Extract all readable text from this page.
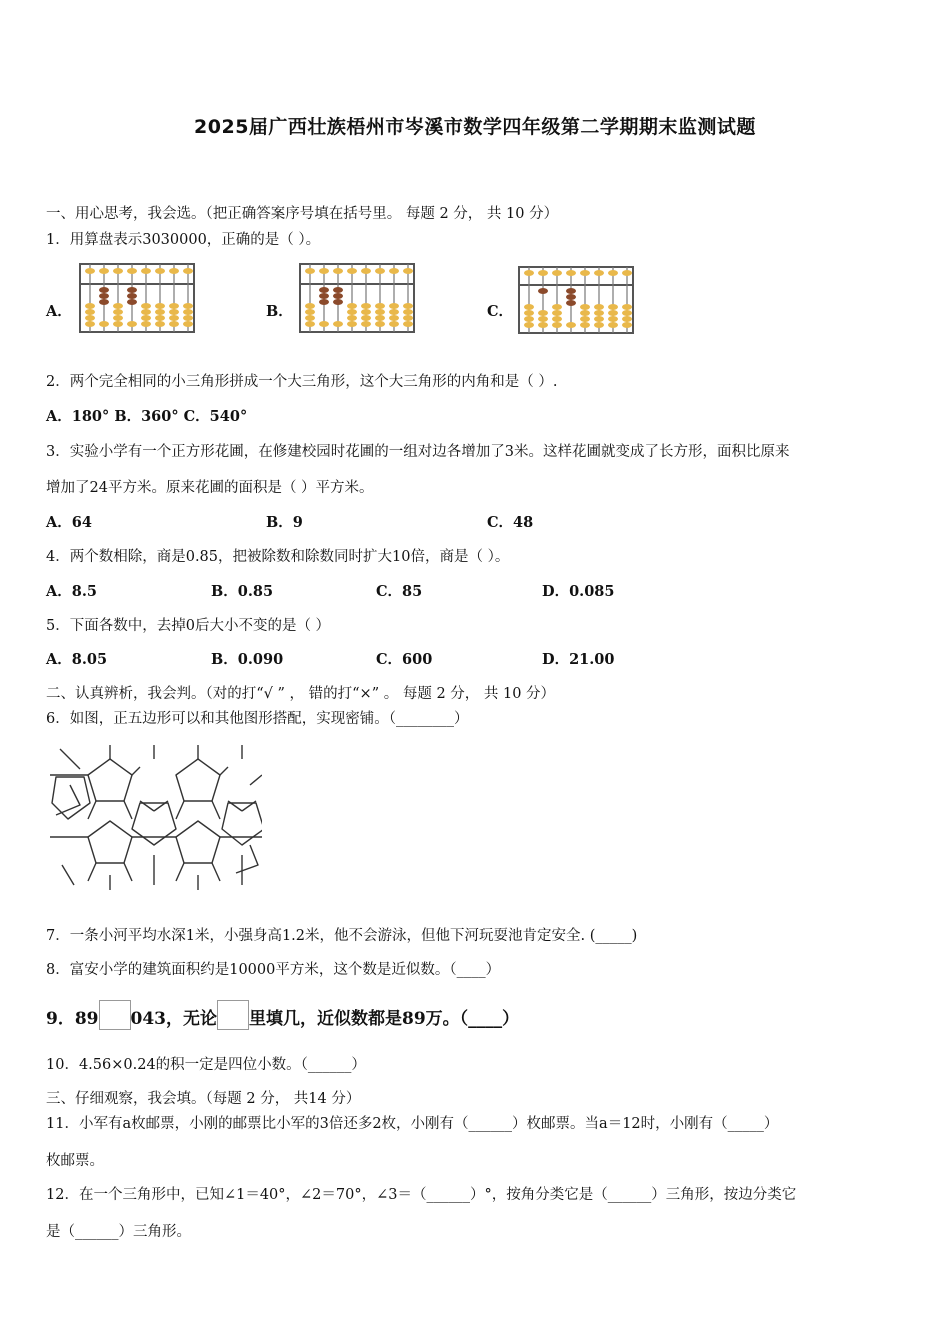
2025届广西壮族梧州市岑溪市数学四年级第二学期期末监测试题
一、用心思考，我会选。（把正确答案序号填在括号里。 每题 2 分， 共 10 分）
1．用算盘表示3030000，正确的是（ ）。
A．	B．	C．
2．两个完全相同的小三角形拼成一个大三角形，这个大三角形的内角和是（ ）.
A．180° B．360° C．540°
3．实验小学有一个正方形花圃，在修建校园时花圃的一组对边各增加了3米。这样花圃就变成了长方形，面积比原来
增加了24平方米。原来花圃的面积是（ ）平方米。
A．64	B．9	C．48
4．两个数相除，商是0.85，把被除数和除数同时扩大10倍，商是（ ）。
A．8.5	B．0.85	C．85	D．0.085
5．下面各数中，去掉0后大小不变的是（ ）
A．8.05	B．0.090	C．600	D．21.00
二、认真辨析，我会判。（对的打“√ ” ， 错的打“×” 。 每题 2 分， 共 10 分）
6．如图，正五边形可以和其他图形搭配，实现密铺。（________）
7．一条小河平均水深1米，小强身高1.2米，他不会游泳，但他下河玩耍池肯定安全. (_____)
8．富安小学的建筑面积约是10000平方米，这个数是近似数。（____）
9．89 043，无论 里填几，近似数都是89万。（____）
10．4.56×0.24的积一定是四位小数。（______）
三、仔细观察，我会填。（每题 2 分， 共14 分）
11．小军有a枚邮票，小刚的邮票比小军的3倍还多2枚，小刚有（______）枚邮票。当a＝12时，小刚有（_____）
枚邮票。
12．在一个三角形中，已知∠1＝40°，∠2＝70°，∠3＝（______）°，按角分类它是（______）三角形，按边分类它
是（______）三角形。
